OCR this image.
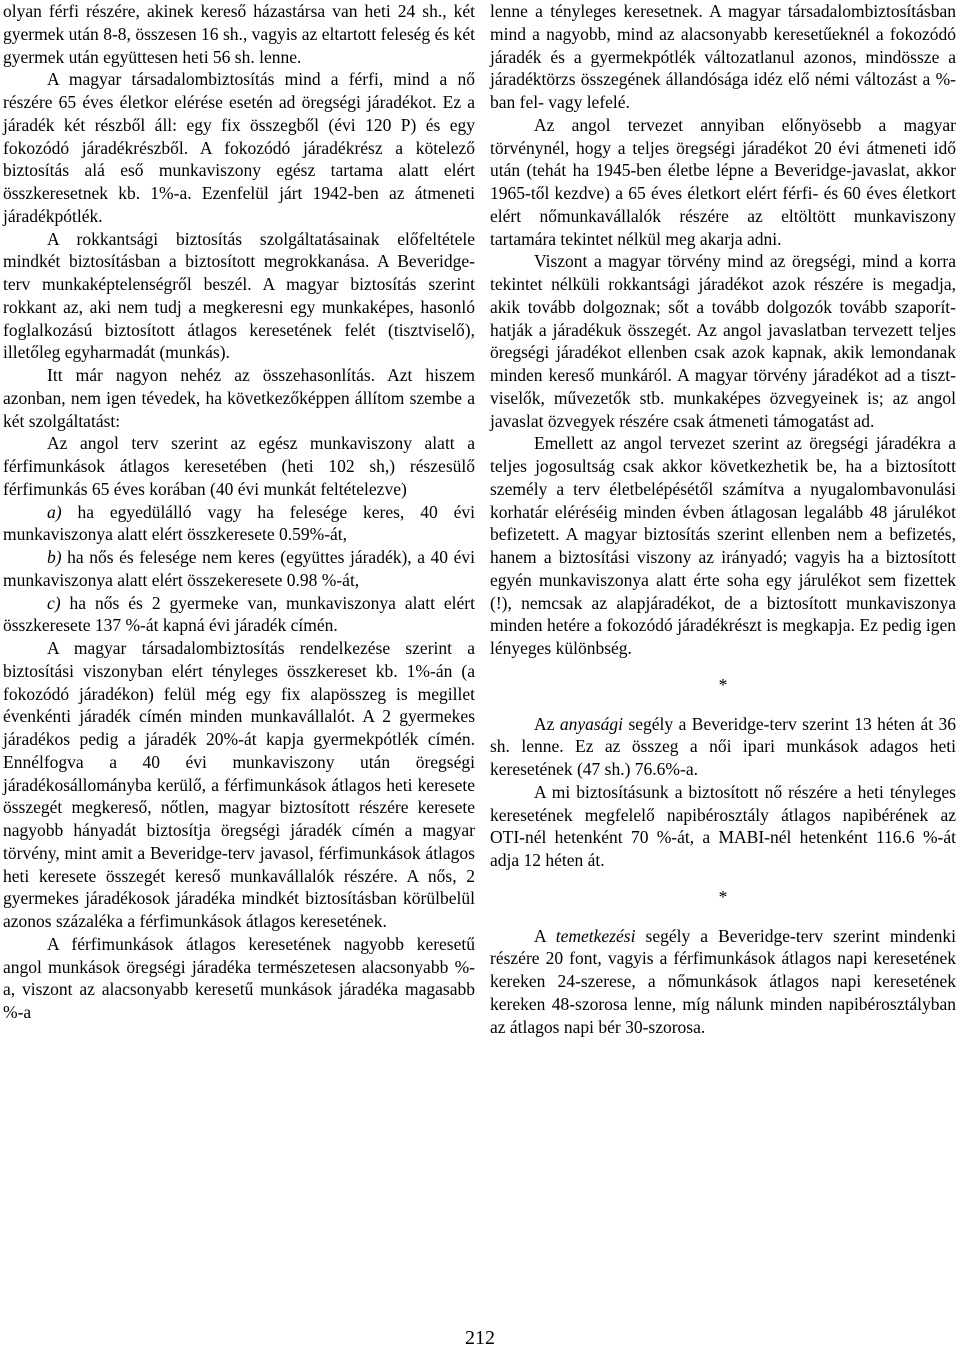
olyan férfi részére, akinek kereső házastársa van heti 24 sh., két gyermek után 8-8, összesen 16 sh., vagyis az eltartott feleség és két gyermek után együttesen heti 56 sh. lenne.

A magyar társadalombiztosítás mind a férfi, mind a nő részére 65 éves életkor elérése esetén ad öregségi járadékot. Ez a járadék két részből áll: egy fix összegből (évi 120 P) és egy fokozódó járadékrészből. A fokozódó járadékrész a kötelező biztosítás alá eső munkaviszony egész tartama alatt elért összkeresetnek kb. 1%-a. Ezenfelül járt 1942-ben az átmeneti járadékpótlék.

A rokkantsági biztosítás szolgáltatásainak előfeltétele mindkét biztosításban a biztosított megrokkanása. A Beveridge-terv munkaképtelenségről beszél. A magyar biztosítás szerint rokkant az, aki nem tudj a megkeresni egy munkaképes, hasonló foglalkozású biztosított átlagos keresetének felét (tisztviselő), illetőleg egyharmadát (munkás).

Itt már nagyon nehéz az összehasonlítás. Azt hiszem azonban, nem igen tévedek, ha következőképpen állítom szembe a két szolgáltatást:

Az angol terv szerint az egész munkaviszony alatt a férfimunkások átlagos keresetében (heti 102 sh,) részesülő férfimunkás 65 éves korában (40 évi munkát feltételezve)

a) ha egyedülálló vagy ha felesége keres, 40 évi munkaviszonya alatt elért összkeresete 0.59%-át,

b) ha nős és felesége nem keres (együttes járadék), a 40 évi munkaviszonya alatt elért összekeresete 0.98 %-át,

c) ha nős és 2 gyermeke van, munkaviszonya alatt elért összkeresete 137 %-át kapná évi járadék címén.

A magyar társadalombiztosítás rendelkezése szerint a biztosítási viszonyban elért tényleges összkereset kb. 1%-án (a fokozódó járadékon) felül még egy fix alapösszeg is megillet évenkénti járadék címén minden munkavállalót. A 2 gyermekes járadékos pedig a járadék 20%-át kapja gyermekpótlék címén. Ennélfogva a 40 évi munkaviszony után öregségi járadékosállományba kerülő, a férfimunkások átlagos heti keresete összegét megkereső, nőtlen, magyar biztosított részére keresete nagyobb hányadát biztosítja öregségi járadék címén a magyar törvény, mint amit a Beveridge-terv javasol, férfimunkások átlagos heti keresete összegét kereső munkavállalók részére. A nős, 2 gyermekes járadékosok járadéka mindkét biztosításban körülbelül azonos százaléka a férfimunkások átlagos keresetének.

A férfimunkások átlagos keresetének nagyobb keresetű angol munkások öregségi járadéka természetesen alacsonyabb %-a, viszont az alacsonyabb keresetű munkások járadéka magasabb %-a

lenne a tényleges keresetnek. A magyar társadalombiztosításban mind a nagyobb, mind az alacsonyabb keresetűeknél a fokozódó járadék és a gyermekpótlék változatlanul azonos, mindössze a járadéktörzs összegének állandósága idéz elő némi változást a %-ban fel- vagy lefelé.

Az angol tervezet annyiban előnyösebb a magyar törvénynél, hogy a teljes öregségi járadékot 20 évi átmeneti idő után (tehát ha 1945-ben életbe lépne a Beveridge-javaslat, akkor 1965-től kezdve) a 65 éves életkort elért férfi- és 60 éves életkort elért nőmunkavállalók részére az eltöltött munkaviszony tartamára tekintet nélkül meg akarja adni.

Viszont a magyar törvény mind az öregségi, mind a korra tekintet nélküli rokkantsági járadékot azok részére is megadja, akik tovább dolgoznak; sőt a tovább dolgozók tovább szaporíthatják a járadékuk összegét. Az angol javaslatban tervezett teljes öregségi járadékot ellenben csak azok kapnak, akik lemondanak minden kereső munkáról. A magyar törvény járadékot ad a tisztviselők, művezetők stb. munkaképes özvegyeinek is; az angol javaslat özvegyek részére csak átmeneti támogatást ad.

Emellett az angol tervezet szerint az öregségi járadékra a teljes jogosultság csak akkor következhetik be, ha a biztosított személy a terv életbelépésétől számítva a nyugalombavonulási korhatár eléréséig minden évben átlagosan legalább 48 járulékot befizetett. A magyar biztosítás szerint ellenben nem a befizetés, hanem a biztosítási viszony az irányadó; vagyis ha a biztosított egyén munkaviszonya alatt érte soha egy járulékot sem fizettek (!), nemcsak az alapjáradékot, de a biztosított munkaviszonya minden hetére a fokozódó járadékrészt is megkapja. Ez pedig igen lényeges különbség.

*

Az anyasági segély a Beveridge-terv szerint 13 héten át 36 sh. lenne. Ez az összeg a női ipari munkások adagos heti keresetének (47 sh.) 76.6%-a.

A mi biztosításunk a biztosított nő részére a heti tényleges keresetének megfelelő napibérosztály átlagos napibérének az OTI-nél hetenként 70 %-át, a MABI-nél hetenként 116.6 %-át adja 12 héten át.

*

A temetkezési segély a Beveridge-terv szerint mindenki részére 20 font, vagyis a férfimunkások átlagos napi keresetének kereken 24-szerese, a nőmunkások átlagos napi keresetének kereken 48-szorosa lenne, míg nálunk minden napibérosztályban az átlagos napi bér 30-szorosa.

212
